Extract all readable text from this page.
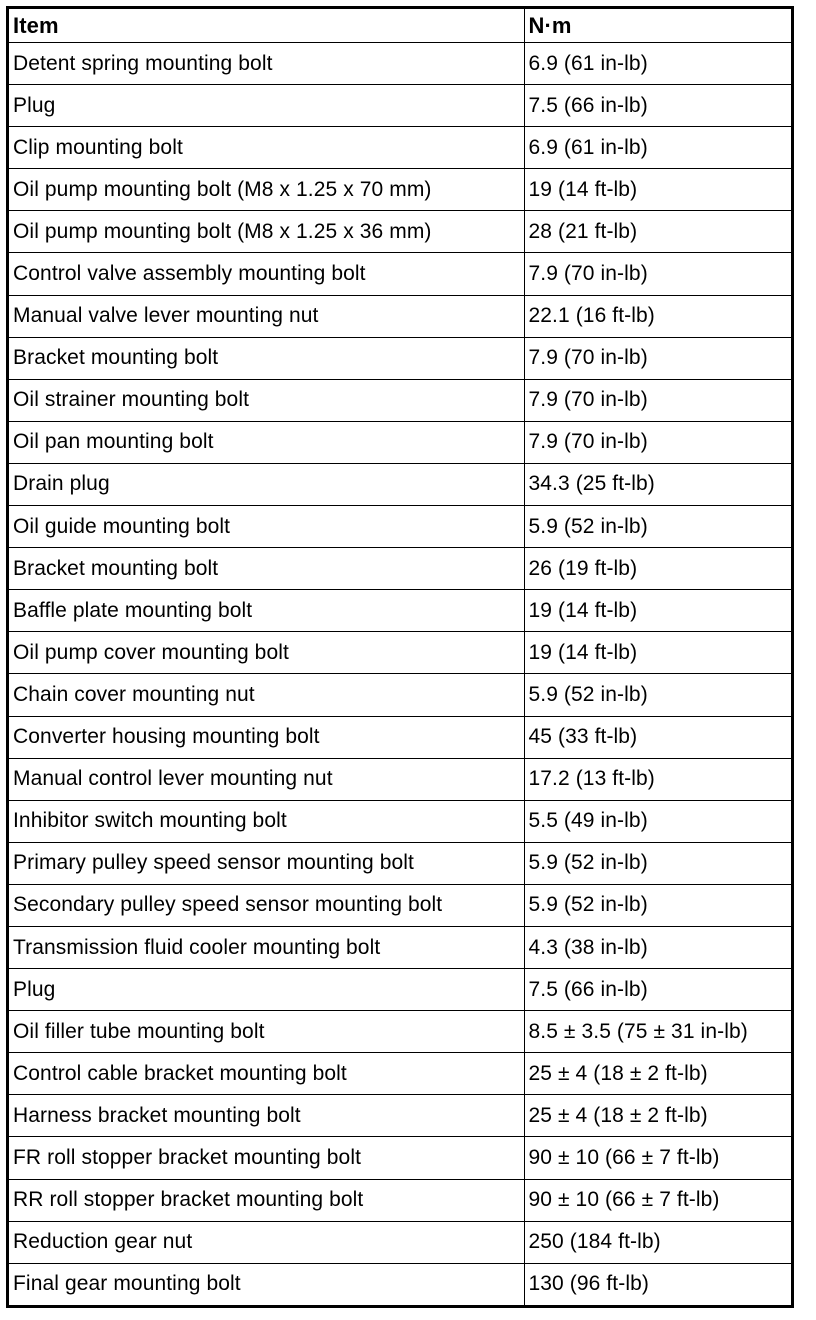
Item	N·m
Detent spring mounting bolt	6.9 (61 in-lb)
Plug	7.5 (66 in-lb)
Clip mounting bolt	6.9 (61 in-lb)
Oil pump mounting bolt (M8 x 1.25 x 70 mm)	19 (14 ft-lb)
Oil pump mounting bolt (M8 x 1.25 x 36 mm)	28 (21 ft-lb)
Control valve assembly mounting bolt	7.9 (70 in-lb)
Manual valve lever mounting nut	22.1 (16 ft-lb)
Bracket mounting bolt	7.9 (70 in-lb)
Oil strainer mounting bolt	7.9 (70 in-lb)
Oil pan mounting bolt	7.9 (70 in-lb)
Drain plug	34.3 (25 ft-lb)
Oil guide mounting bolt	5.9 (52 in-lb)
Bracket mounting bolt	26 (19 ft-lb)
Baffle plate mounting bolt	19 (14 ft-lb)
Oil pump cover mounting bolt	19 (14 ft-lb)
Chain cover mounting nut	5.9 (52 in-lb)
Converter housing mounting bolt	45 (33 ft-lb)
Manual control lever mounting nut	17.2 (13 ft-lb)
Inhibitor switch mounting bolt	5.5 (49 in-lb)
Primary pulley speed sensor mounting bolt	5.9 (52 in-lb)
Secondary pulley speed sensor mounting bolt	5.9 (52 in-lb)
Transmission fluid cooler mounting bolt	4.3 (38 in-lb)
Plug	7.5 (66 in-lb)
Oil filler tube mounting bolt	8.5 ± 3.5 (75 ± 31 in-lb)
Control cable bracket mounting bolt	25 ± 4 (18 ± 2 ft-lb)
Harness bracket mounting bolt	25 ± 4 (18 ± 2 ft-lb)
FR roll stopper bracket mounting bolt	90 ± 10 (66 ± 7 ft-lb)
RR roll stopper bracket mounting bolt	90 ± 10 (66 ± 7 ft-lb)
Reduction gear nut	250 (184 ft-lb)
Final gear mounting bolt	130 (96 ft-lb)
